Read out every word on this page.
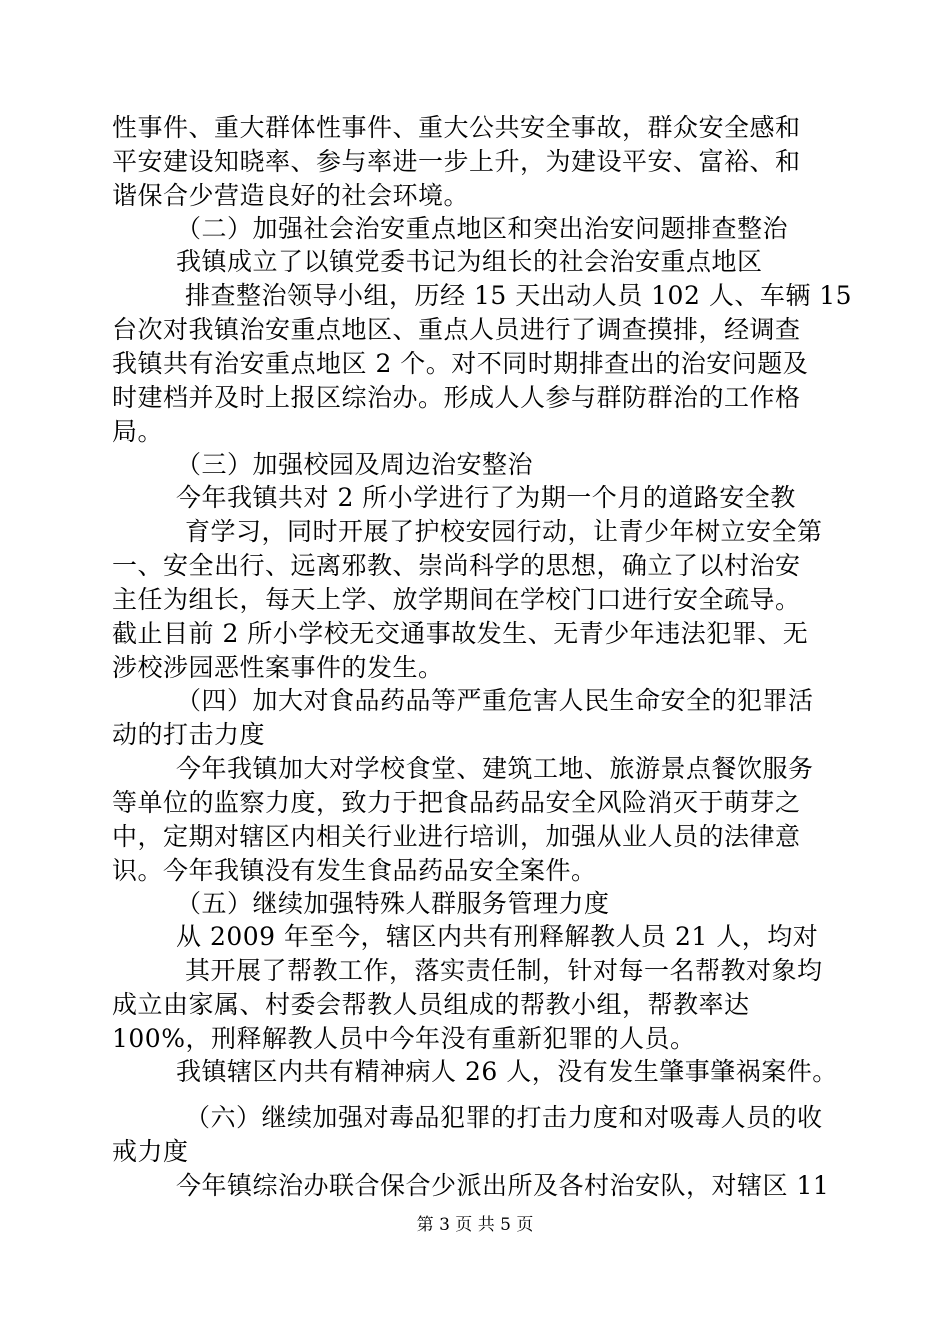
性事件、重大群体性事件、重大公共安全事故，群众安全感和
平安建设知晓率、参与率进一步上升，为建设平安、富裕、和
谐保合少营造良好的社会环境。
（二）加强社会治安重点地区和突出治安问题排查整治
我镇成立了以镇党委书记为组长的社会治安重点地区
排查整治领导小组，历经 15 天出动人员 102 人、车辆 15
台次对我镇治安重点地区、重点人员进行了调查摸排，经调查
我镇共有治安重点地区 2 个。对不同时期排查出的治安问题及
时建档并及时上报区综治办。形成人人参与群防群治的工作格
局。
（三）加强校园及周边治安整治
今年我镇共对 2 所小学进行了为期一个月的道路安全教
育学习，同时开展了护校安园行动，让青少年树立安全第
一、安全出行、远离邪教、崇尚科学的思想，确立了以村治安
主任为组长，每天上学、放学期间在学校门口进行安全疏导。
截止目前 2 所小学校无交通事故发生、无青少年违法犯罪、无
涉校涉园恶性案事件的发生。
（四）加大对食品药品等严重危害人民生命安全的犯罪活
动的打击力度
今年我镇加大对学校食堂、建筑工地、旅游景点餐饮服务
等单位的监察力度，致力于把食品药品安全风险消灭于萌芽之
中，定期对辖区内相关行业进行培训，加强从业人员的法律意
识。今年我镇没有发生食品药品安全案件。
（五）继续加强特殊人群服务管理力度
从 2009 年至今，辖区内共有刑释解教人员 21 人，均对
其开展了帮教工作，落实责任制，针对每一名帮教对象均
成立由家属、村委会帮教人员组成的帮教小组，帮教率达
100%，刑释解教人员中今年没有重新犯罪的人员。
我镇辖区内共有精神病人 26 人，没有发生肇事肇祸案件。
（六）继续加强对毒品犯罪的打击力度和对吸毒人员的收
戒力度
今年镇综治办联合保合少派出所及各村治安队，对辖区 11
第 3 页 共 5 页
